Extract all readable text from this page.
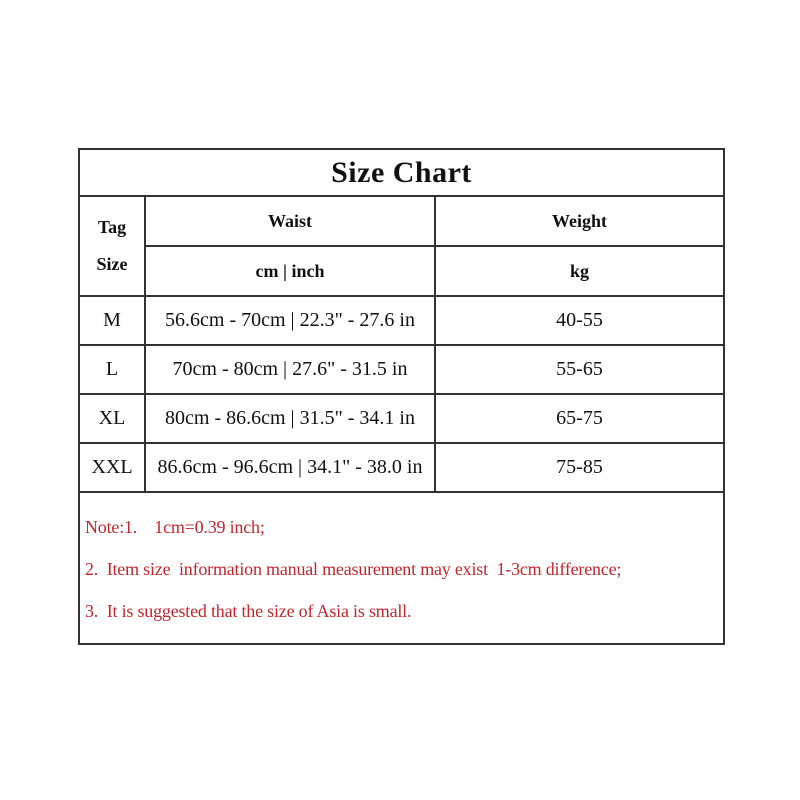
Size Chart		

Tag
Size	Waist	Weight
	cm | inch	kg
M	56.6cm - 70cm | 22.3" - 27.6 in	40-55
L	70cm - 80cm | 27.6" - 31.5 in	55-65
XL	80cm - 86.6cm | 31.5" - 34.1 in	65-75
XXL	86.6cm - 96.6cm | 34.1" - 38.0 in	75-85

Note:1.    1cm=0.39 inch;

2.  Item size  information manual measurement may exist  1-3cm difference;

3.  It is suggested that the size of Asia is small.		
